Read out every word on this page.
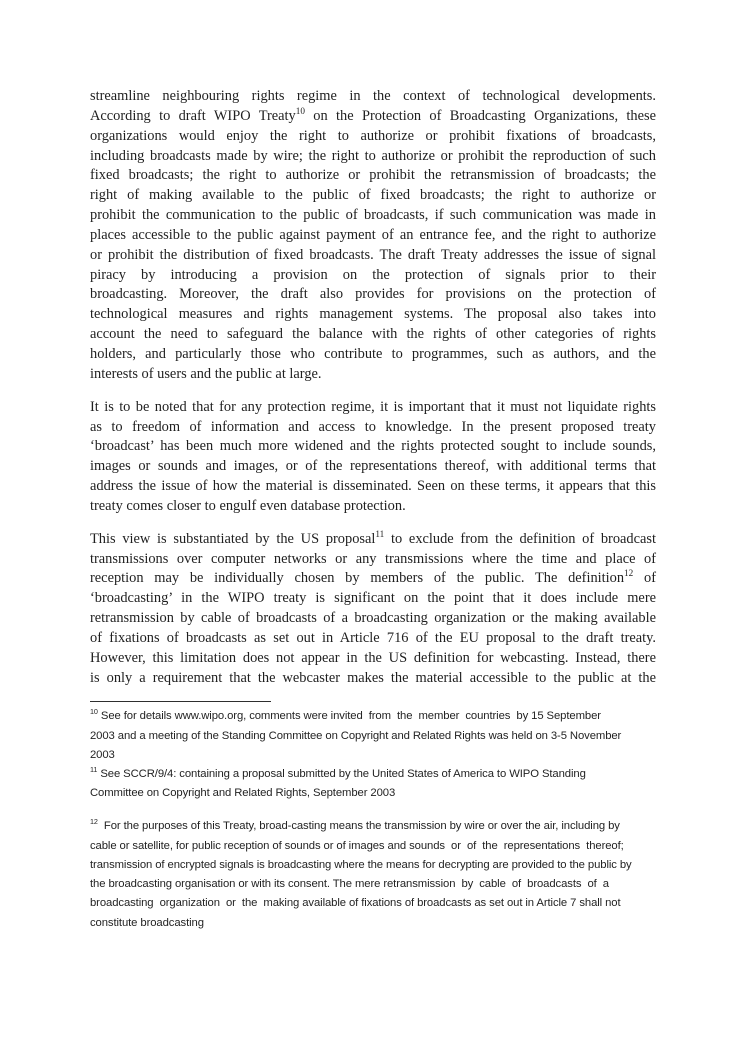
streamline neighbouring rights regime in the context of technological developments.
According to draft WIPO Treaty$^{10}$ on the Protection of Broadcasting Organizations, these
organizations would enjoy the right to authorize or prohibit fixations of broadcasts,
including broadcasts made by wire; the right to authorize or prohibit the reproduction of such
fixed broadcasts; the right to authorize or prohibit the retransmission of broadcasts; the
right of making available to the public of fixed broadcasts; the right to authorize or
prohibit the communication to the public of broadcasts, if such communication was made in
places accessible to the public against payment of an entrance fee, and the right to authorize
or prohibit the distribution of fixed broadcasts. The draft Treaty addresses the issue of signal
piracy by introducing a provision on the protection of signals prior to their
broadcasting. Moreover, the draft also provides for provisions on the protection of
technological measures and rights management systems. The proposal also takes into
account the need to safeguard the balance with the rights of other categories of rights
holders, and particularly those who contribute to programmes, such as authors, and the
interests of users and the public at large.
It is to be noted that for any protection regime, it is important that it must not liquidate rights
as to freedom of information and access to knowledge. In the present proposed treaty
‘broadcast’ has been much more widened and the rights protected sought to include sounds,
images or sounds and images, or of the representations thereof, with additional terms that
address the issue of how the material is disseminated. Seen on these terms, it appears that this
treaty comes closer to engulf even database protection.
This view is substantiated by the US proposal$^{11}$ to exclude from the definition of broadcast
transmissions over computer networks or any transmissions where the time and place of
reception may be individually chosen by members of the public. The definition$^{12}$ of
‘broadcasting’ in the WIPO treaty is significant on the point that it does include mere
retransmission by cable of broadcasts of a broadcasting organization or the making available
of fixations of broadcasts as set out in Article 716 of the EU proposal to the draft treaty.
However, this limitation does not appear in the US definition for webcasting. Instead, there
is only a requirement that the webcaster makes the material accessible to the public at the
$^{10}$ See for details www.wipo.org, comments were invited  from  the  member  countries  by 15 September
2003 and a meeting of the Standing Committee on Copyright and Related Rights was held on 3-5 November
2003
$^{11}$ See SCCR/9/4: containing a proposal submitted by the United States of America to WIPO Standing
Committee on Copyright and Related Rights, September 2003
$^{12}$  For the purposes of this Treaty, broad-casting means the transmission by wire or over the air, including by
cable or satellite, for public reception of sounds or of images and sounds  or  of  the  representations  thereof;
transmission of encrypted signals is broadcasting where the means for decrypting are provided to the public by
the broadcasting organisation or with its consent. The mere retransmission  by  cable  of  broadcasts  of  a
broadcasting  organization  or  the  making available of fixations of broadcasts as set out in Article 7 shall not
constitute broadcasting
